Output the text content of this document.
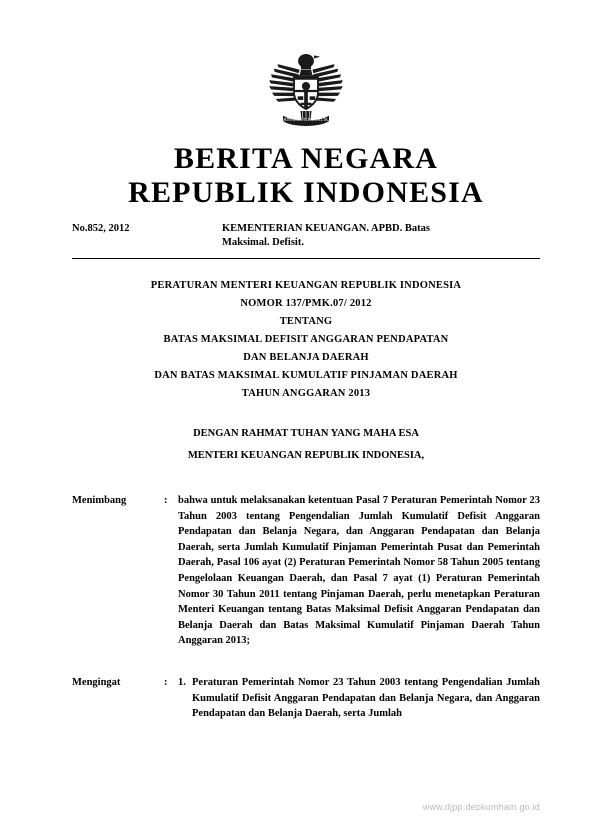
BHINNEKA TUNGGAL IKA
BERITA NEGARA
REPUBLIK INDONESIA
No.852, 2012	KEMENTERIAN KEUANGAN. APBD. Batas
Maksimal. Defisit.
PERATURAN MENTERI KEUANGAN REPUBLIK INDONESIA
NOMOR 137/PMK.07/ 2012
TENTANG
BATAS MAKSIMAL DEFISIT ANGGARAN PENDAPATAN
DAN BELANJA DAERAH
DAN BATAS MAKSIMAL KUMULATIF PINJAMAN DAERAH
TAHUN ANGGARAN 2013
DENGAN RAHMAT TUHAN YANG MAHA ESA
MENTERI KEUANGAN REPUBLIK INDONESIA,
Menimbang	:	bahwa untuk melaksanakan ketentuan Pasal 7 Peraturan Pemerintah Nomor 23 Tahun 2003 tentang Pengendalian Jumlah Kumulatif Defisit Anggaran Pendapatan dan Belanja Negara, dan Anggaran Pendapatan dan Belanja Daerah, serta Jumlah Kumulatif Pinjaman Pemerintah Pusat dan Pemerintah Daerah, Pasal 106 ayat (2) Peraturan Pemerintah Nomor 58 Tahun 2005 tentang Pengelolaan Keuangan Daerah, dan Pasal 7 ayat (1) Peraturan Pemerintah Nomor 30 Tahun 2011 tentang Pinjaman Daerah, perlu menetapkan Peraturan Menteri Keuangan tentang Batas Maksimal Defisit Anggaran Pendapatan dan Belanja Daerah dan Batas Maksimal Kumulatif Pinjaman Daerah Tahun Anggaran 2013;
Mengingat	:	1. Peraturan Pemerintah Nomor 23 Tahun 2003 tentang Pengendalian Jumlah Kumulatif Defisit Anggaran Pendapatan dan Belanja Negara, dan Anggaran Pendapatan dan Belanja Daerah, serta Jumlah
www.djpp.depkumham.go.id
